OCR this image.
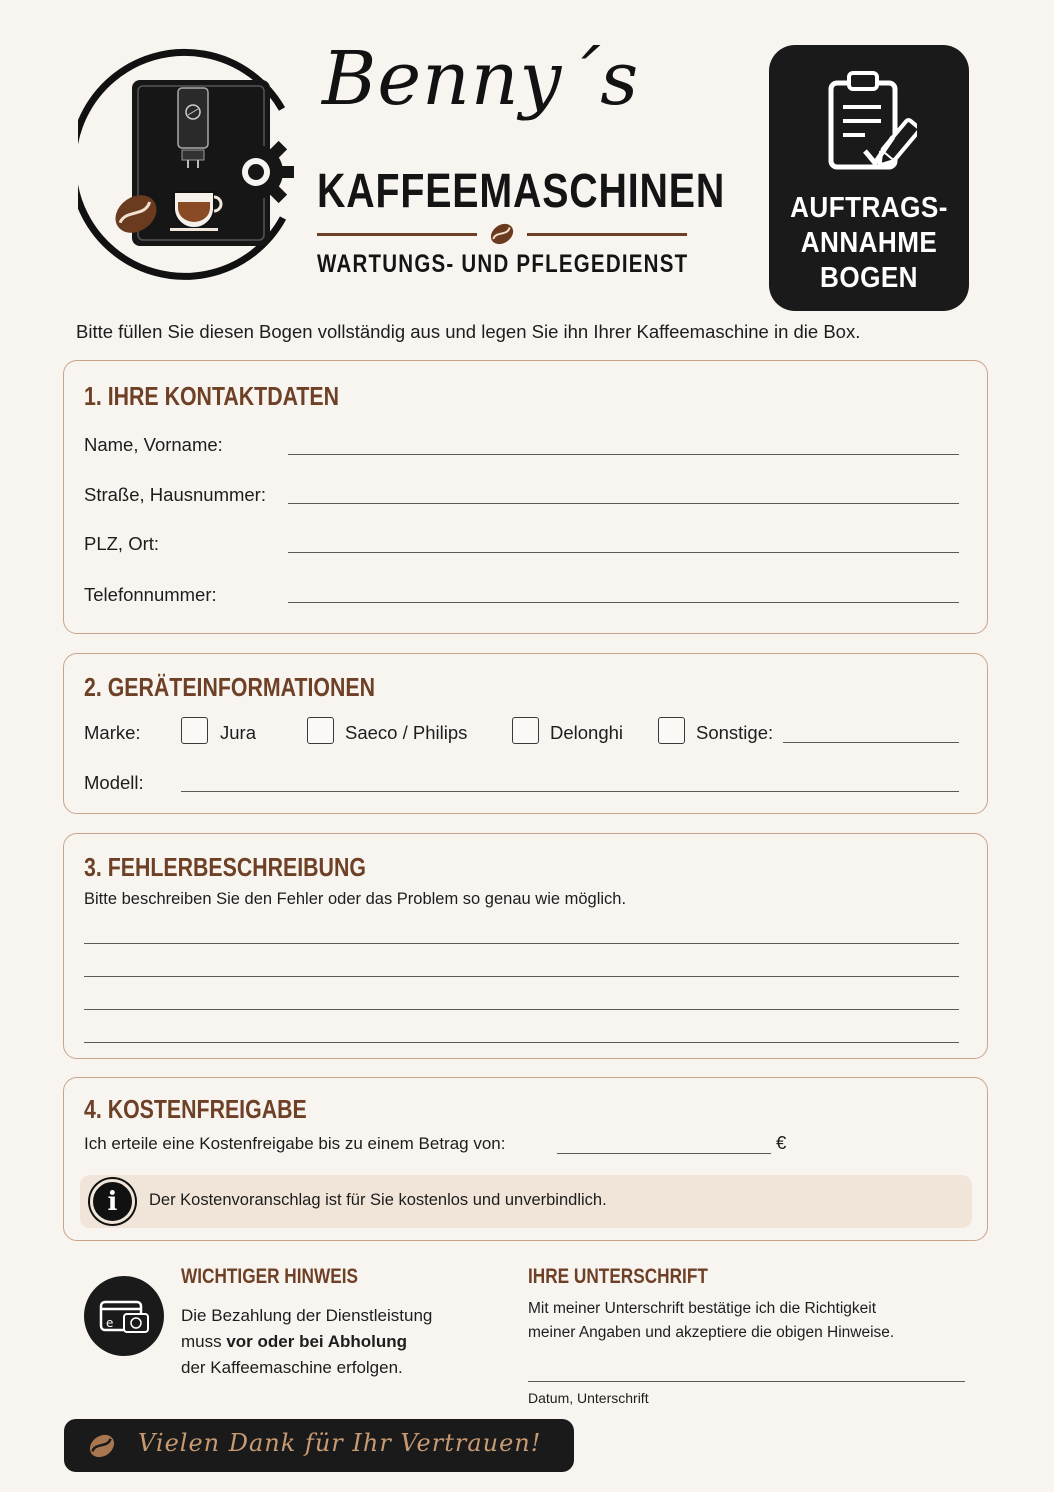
Benny´s
KAFFEEMASCHINEN
WARTUNGS- UND PFLEGEDIENST
AUFTRAGS-
ANNAHME
BOGEN
Bitte füllen Sie diesen Bogen vollständig aus und legen Sie ihn Ihrer Kaffeemaschine in die Box.
1. IHRE KONTAKTDATEN
Name, Vorname:
Straße, Hausnummer:
PLZ, Ort:
Telefonnummer:
2. GERÄTEINFORMATIONEN
Marke:	Jura	Saeco / Philips	Delonghi	Sonstige:
Modell:
3. FEHLERBESCHREIBUNG
Bitte beschreiben Sie den Fehler oder das Problem so genau wie möglich.
4. KOSTENFREIGABE
Ich erteile eine Kostenfreigabe bis zu einem Betrag von:	€
i	Der Kostenvoranschlag ist für Sie kostenlos und unverbindlich.
e
WICHTIGER HINWEIS
Die Bezahlung der Dienstleistung
muss vor oder bei Abholung
der Kaffeemaschine erfolgen.
IHRE UNTERSCHRIFT
Mit meiner Unterschrift bestätige ich die Richtigkeit
meiner Angaben und akzeptiere die obigen Hinweise.
Datum, Unterschrift
Vielen Dank für Ihr Vertrauen!
